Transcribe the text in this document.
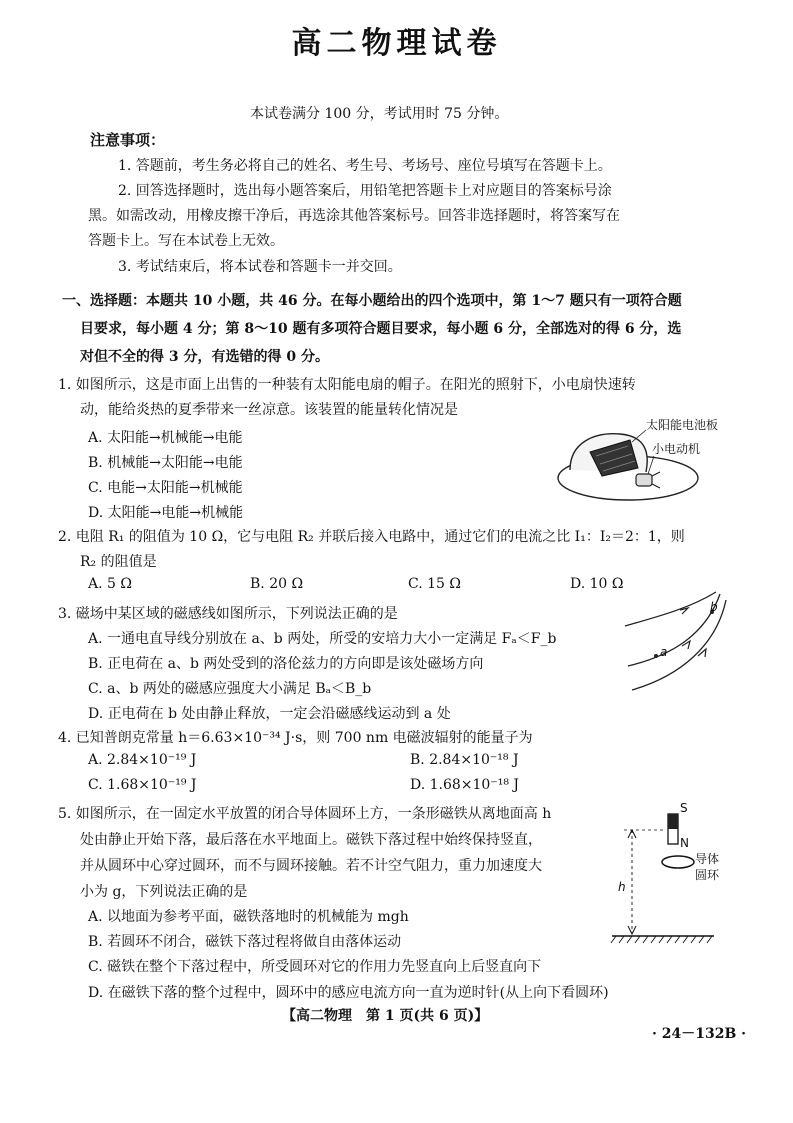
高二物理试卷
本试卷满分 100 分，考试用时 75 分钟。
注意事项：
1. 答题前，考生务必将自己的姓名、考生号、考场号、座位号填写在答题卡上。
2. 回答选择题时，选出每小题答案后，用铅笔把答题卡上对应题目的答案标号涂
黑。如需改动，用橡皮擦干净后，再选涂其他答案标号。回答非选择题时，将答案写在
答题卡上。写在本试卷上无效。
3. 考试结束后，将本试卷和答题卡一并交回。
一、选择题：本题共 10 小题，共 46 分。在每小题给出的四个选项中，第 1～7 题只有一项符合题
目要求，每小题 4 分；第 8～10 题有多项符合题目要求，每小题 6 分，全部选对的得 6 分，选
对但不全的得 3 分，有选错的得 0 分。
1. 如图所示，这是市面上出售的一种装有太阳能电扇的帽子。在阳光的照射下，小电扇快速转
动，能给炎热的夏季带来一丝凉意。该装置的能量转化情况是
A. 太阳能→机械能→电能
B. 机械能→太阳能→电能
C. 电能→太阳能→机械能
D. 太阳能→电能→机械能
太阳能电池板
小电动机
2. 电阻 R₁ 的阻值为 10 Ω，它与电阻 R₂ 并联后接入电路中，通过它们的电流之比 I₁：I₂＝2：1，则
R₂ 的阻值是
A. 5 Ω	B. 20 Ω	C. 15 Ω	D. 10 Ω
3. 磁场中某区域的磁感线如图所示，下列说法正确的是
A. 一通电直导线分别放在 a、b 两处，所受的安培力大小一定满足 Fₐ＜F_b
B. 正电荷在 a、b 两处受到的洛伦兹力的方向即是该处磁场方向
C. a、b 两处的磁感应强度大小满足 Bₐ＜B_b
D. 正电荷在 b 处由静止释放，一定会沿磁感线运动到 a 处
a
b
4. 已知普朗克常量 h＝6.63×10⁻³⁴ J·s，则 700 nm 电磁波辐射的能量子为
A. 2.84×10⁻¹⁹ J	B. 2.84×10⁻¹⁸ J
C. 1.68×10⁻¹⁹ J	D. 1.68×10⁻¹⁸ J
5. 如图所示，在一固定水平放置的闭合导体圆环上方，一条形磁铁从离地面高 h
处由静止开始下落，最后落在水平地面上。磁铁下落过程中始终保持竖直，
并从圆环中心穿过圆环，而不与圆环接触。若不计空气阻力，重力加速度大
小为 g，下列说法正确的是
A. 以地面为参考平面，磁铁落地时的机械能为 mgh
B. 若圆环不闭合，磁铁下落过程将做自由落体运动
C. 磁铁在整个下落过程中，所受圆环对它的作用力先竖直向上后竖直向下
D. 在磁铁下落的整个过程中，圆环中的感应电流方向一直为逆时针(从上向下看圆环)
S
N
导体
圆环
h
【高二物理　第 1 页(共 6 页)】
· 24－132B ·
